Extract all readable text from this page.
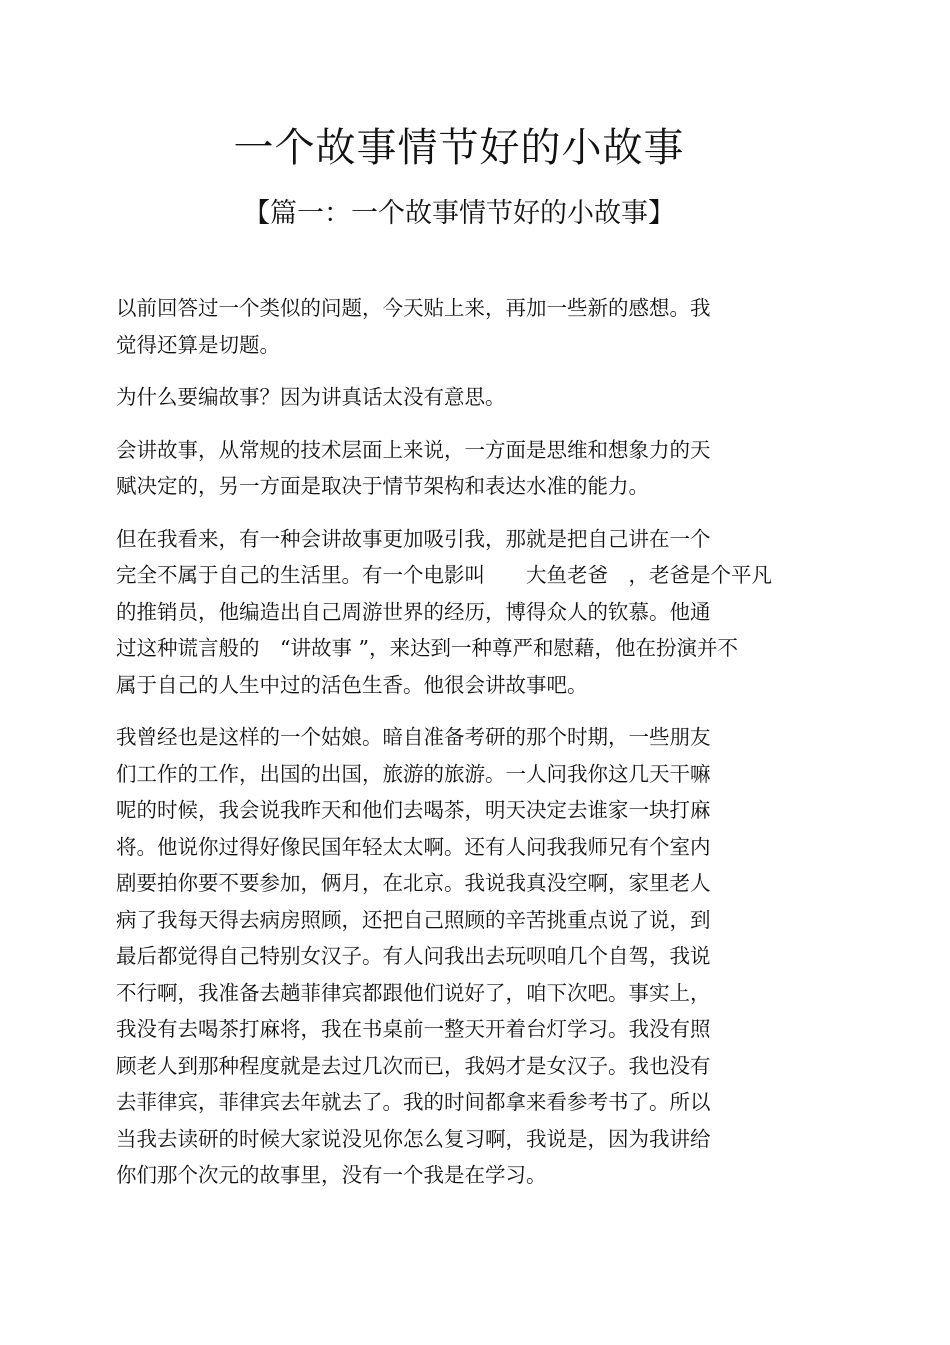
一个故事情节好的小故事
【篇一：一个故事情节好的小故事】
以前回答过一个类似的问题，今天贴上来，再加一些新的感想。我
觉得还算是切题。
为什么要编故事？因为讲真话太没有意思。
会讲故事，从常规的技术层面上来说，一方面是思维和想象力的天
赋决定的，另一方面是取决于情节架构和表达水准的能力。
但在我看来，有一种会讲故事更加吸引我，那就是把自己讲在一个
完全不属于自己的生活里。有一个电影叫　　大鱼老爸　，老爸是个平凡
的推销员，他编造出自己周游世界的经历，博得众人的钦慕。他通
过这种谎言般的　“讲故事 ”，来达到一种尊严和慰藉，他在扮演并不
属于自己的人生中过的活色生香。他很会讲故事吧。
我曾经也是这样的一个姑娘。暗自准备考研的那个时期，一些朋友
们工作的工作，出国的出国，旅游的旅游。一人问我你这几天干嘛
呢的时候，我会说我昨天和他们去喝茶，明天决定去谁家一块打麻
将。他说你过得好像民国年轻太太啊。还有人问我我师兄有个室内
剧要拍你要不要参加，俩月，在北京。我说我真没空啊，家里老人
病了我每天得去病房照顾，还把自己照顾的辛苦挑重点说了说，到
最后都觉得自己特别女汉子。有人问我出去玩呗咱几个自驾，我说
不行啊，我准备去趟菲律宾都跟他们说好了，咱下次吧。事实上，
我没有去喝茶打麻将，我在书桌前一整天开着台灯学习。我没有照
顾老人到那种程度就是去过几次而已，我妈才是女汉子。我也没有
去菲律宾，菲律宾去年就去了。我的时间都拿来看参考书了。所以
当我去读研的时候大家说没见你怎么复习啊，我说是，因为我讲给
你们那个次元的故事里，没有一个我是在学习。
